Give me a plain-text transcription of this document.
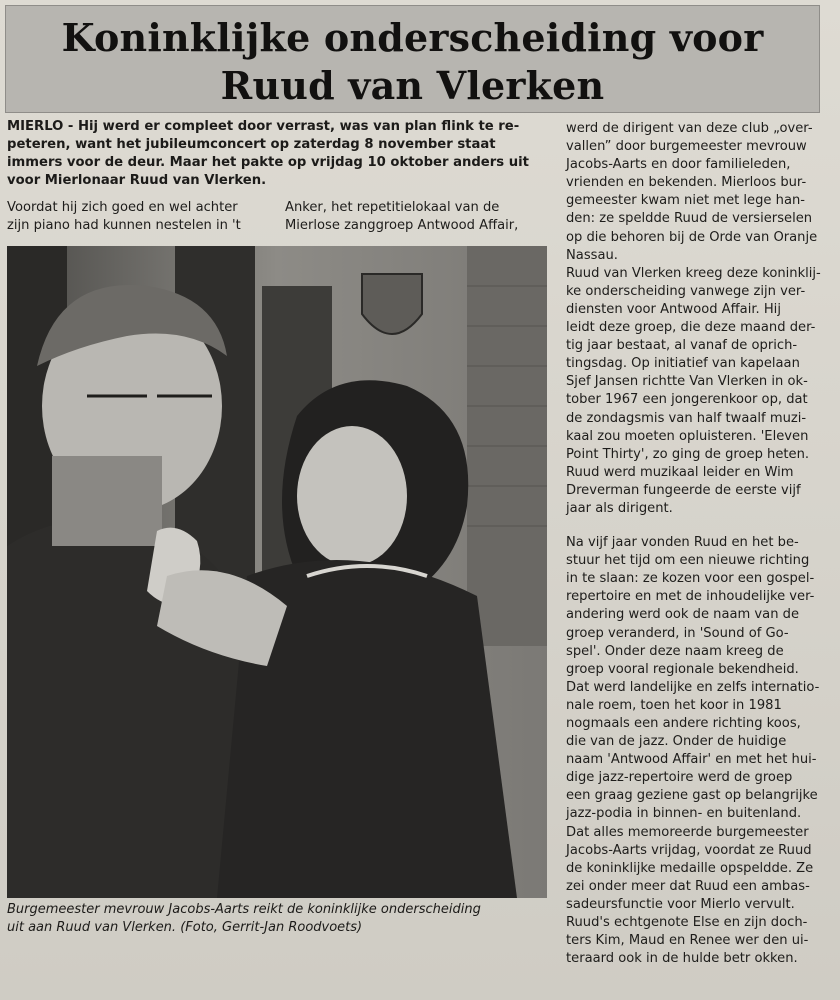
Koninklijke onderscheiding voor
Ruud van Vlerken
MIERLO - Hij werd er compleet door verrast, was van plan flink te re-
peteren, want het jubileumconcert op zaterdag 8 november staat
immers voor de deur. Maar het pakte op vrijdag 10 oktober anders uit
voor Mierlonaar Ruud van Vlerken.
Voordat hij zich goed en wel achter
zijn piano had kunnen nestelen in 't
Anker, het repetitielokaal van de
Mierlose zanggroep Antwood Affair,
Burgemeester mevrouw Jacobs-Aarts reikt de koninklijke onderscheiding
uit aan Ruud van Vlerken. (Foto, Gerrit-Jan Roodvoets)
werd de dirigent van deze club „over-
vallen” door burgemeester mevrouw
Jacobs-Aarts en door familieleden,
vrienden en bekenden. Mierloos bur-
gemeester kwam niet met lege han-
den: ze speldde Ruud de versierselen
op die behoren bij de Orde van Oranje
Nassau.
Ruud van Vlerken kreeg deze koninklij-
ke onderscheiding vanwege zijn ver-
diensten voor Antwood Affair. Hij
leidt deze groep, die deze maand der-
tig jaar bestaat, al vanaf de oprich-
tingsdag. Op initiatief van kapelaan
Sjef Jansen richtte Van Vlerken in ok-
tober 1967 een jongerenkoor op, dat
de zondagsmis van half twaalf muzi-
kaal zou moeten opluisteren. 'Eleven
Point Thirty', zo ging de groep heten.
Ruud werd muzikaal leider en Wim
Dreverman fungeerde de eerste vijf
jaar als dirigent.
Na vijf jaar vonden Ruud en het be-
stuur het tijd om een nieuwe richting
in te slaan: ze kozen voor een gospel-
repertoire en met de inhoudelijke ver-
andering werd ook de naam van de
groep veranderd, in 'Sound of Go-
spel'. Onder deze naam kreeg de
groep vooral regionale bekendheid.
Dat werd landelijke en zelfs internatio-
nale roem, toen het koor in 1981
nogmaals een andere richting koos,
die van de jazz. Onder de huidige
naam 'Antwood Affair' en met het hui-
dige jazz-repertoire werd de groep
een graag geziene gast op belangrijke
jazz-podia in binnen- en buitenland.
Dat alles memoreerde burgemeester
Jacobs-Aarts vrijdag, voordat ze Ruud
de koninklijke medaille opspeldde. Ze
zei onder meer dat Ruud een ambas-
sadeursfunctie voor Mierlo vervult.
Ruud's echtgenote Else en zijn doch-
ters Kim, Maud en Renee wer den ui-
teraard ook in de hulde betr okken.
